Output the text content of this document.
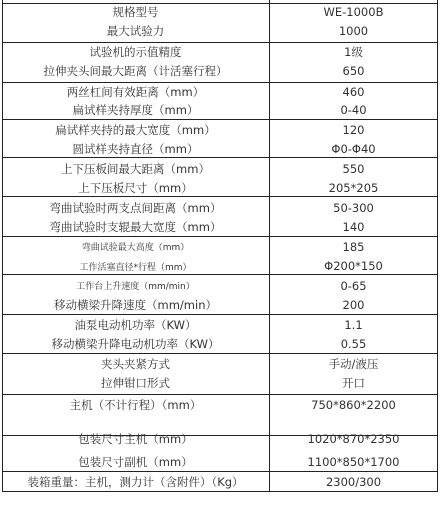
规格型号	WE-1000B
最大试验力	1000
试验机的示值精度	1级
拉伸夹头间最大距离（计活塞行程）	650
两丝杠间有效距离（mm）	460
扁试样夹持厚度（mm）	0-40
扁试样夹持的最大宽度（mm）	120
圆试样夹持直径（mm）	Φ0-Φ40
上下压板间最大距离（mm）	550
上下压板尺寸（mm）	205*205
弯曲试验时两支点间距离（mm）	50-300
弯曲试验时支辊最大宽度（mm）	140
弯曲试验最大高度（mm）	185
工作活塞直径*行程（mm）	Φ200*150
工作台上升速度（mm/min）	0-65
移动横梁升降速度（mm/min）	200
油泵电动机功率（KW）	1.1
移动横梁升降电动机功率（KW）	0.55
夹头夹紧方式	手动/液压
拉伸钳口形式	开口
主机（不计行程）（mm）	750*860*2200
包装尺寸主机（mm）	1020*870*2350
包装尺寸副机（mm）	1100*850*1700
装箱重量：主机，测力计（含附件）（Kg）	2300/300
